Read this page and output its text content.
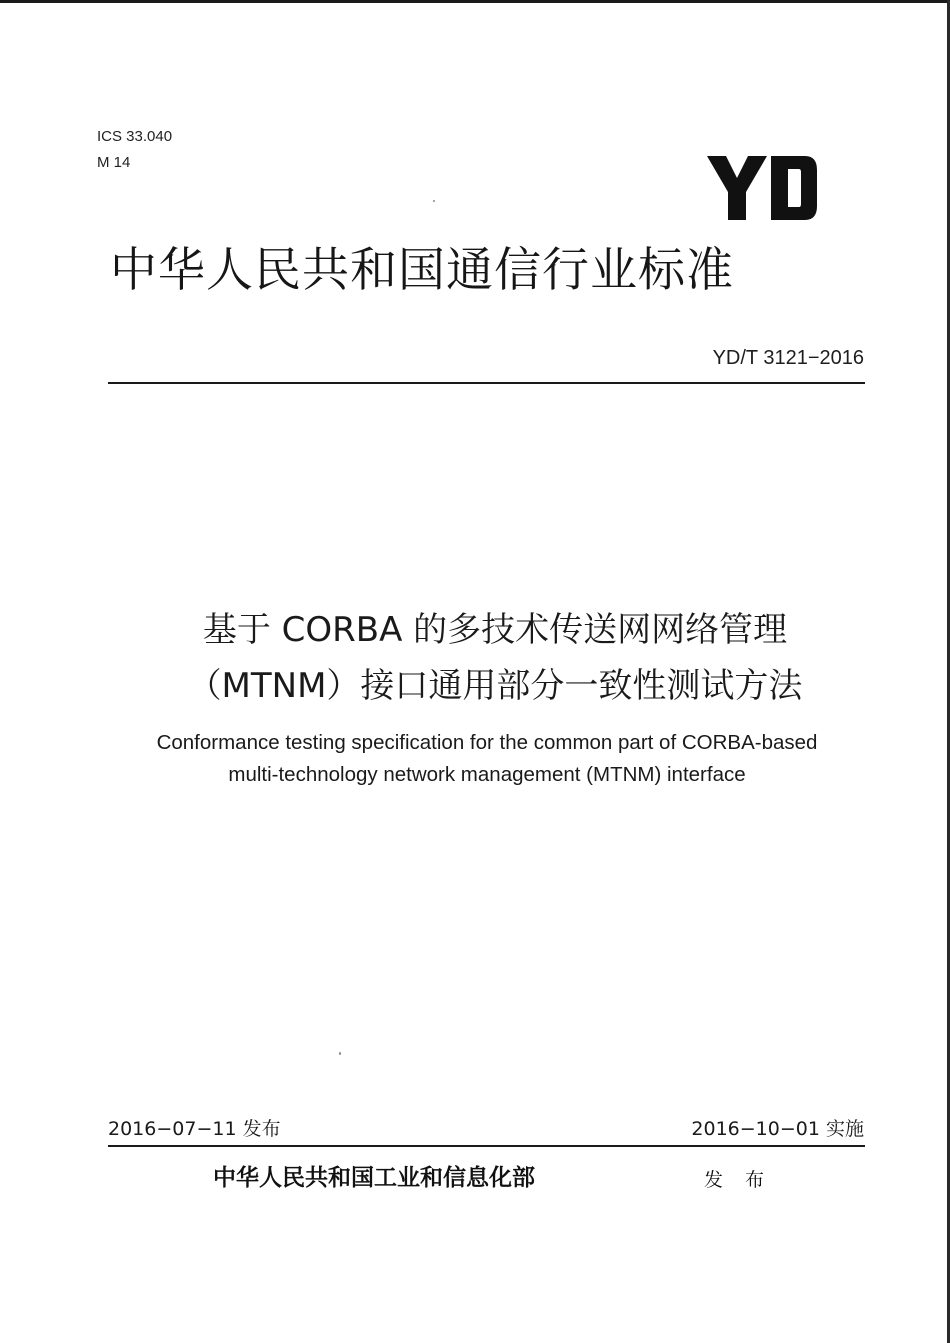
ICS 33.040
M 14
中华人民共和国通信行业标准
YD/T 3121−2016
基于 CORBA 的多技术传送网网络管理
（MTNM）接口通用部分一致性测试方法
Conformance testing specification for the common part of CORBA-based
multi-technology network management (MTNM) interface
2016−07−11 发布	2016−10−01 实施
中华人民共和国工业和信息化部	发 布
